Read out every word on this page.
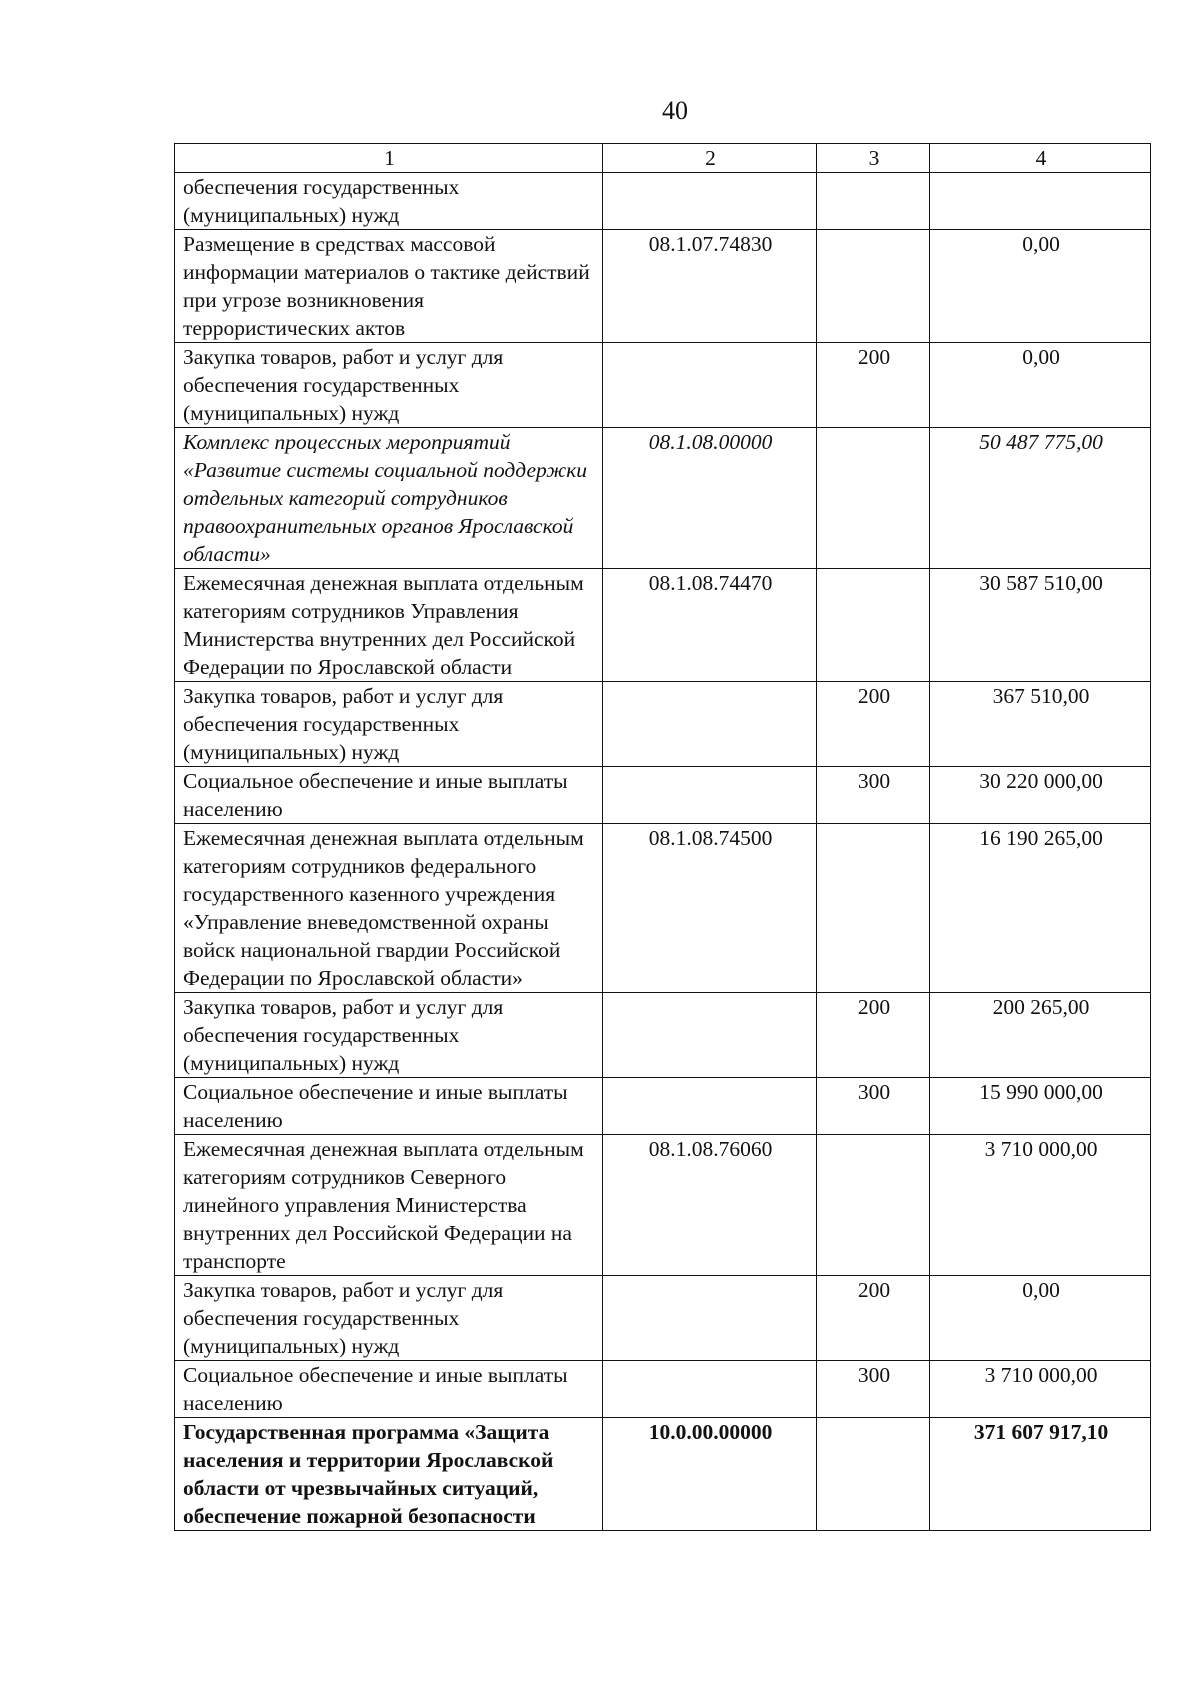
40
1	2	3	4
обеспечения государственных (муниципальных) нужд			
Размещение в средствах массовой информации материалов о тактике действий при угрозе возникновения террористических актов	08.1.07.74830		0,00
Закупка товаров, работ и услуг для обеспечения государственных (муниципальных) нужд		200	0,00
Комплекс процессных мероприятий «Развитие системы социальной поддержки отдельных категорий сотрудников правоохранительных органов Ярославской области»	08.1.08.00000		50 487 775,00
Ежемесячная денежная выплата отдельным категориям сотрудников Управления Министерства внутренних дел Российской Федерации по Ярославской области	08.1.08.74470		30 587 510,00
Закупка товаров, работ и услуг для обеспечения государственных (муниципальных) нужд		200	367 510,00
Социальное обеспечение и иные выплаты населению		300	30 220 000,00
Ежемесячная денежная выплата отдельным категориям сотрудников федерального государственного казенного учреждения «Управление вневедомственной охраны войск национальной гвардии Российской Федерации по Ярославской области»	08.1.08.74500		16 190 265,00
Закупка товаров, работ и услуг для обеспечения государственных (муниципальных) нужд		200	200 265,00
Социальное обеспечение и иные выплаты населению		300	15 990 000,00
Ежемесячная денежная выплата отдельным категориям сотрудников Северного линейного управления Министерства внутренних дел Российской Федерации на транспорте	08.1.08.76060		3 710 000,00
Закупка товаров, работ и услуг для обеспечения государственных (муниципальных) нужд		200	0,00
Социальное обеспечение и иные выплаты населению		300	3 710 000,00
Государственная программа «Защита населения и территории Ярославской области от чрезвычайных ситуаций, обеспечение пожарной безопасности	10.0.00.00000		371 607 917,10
